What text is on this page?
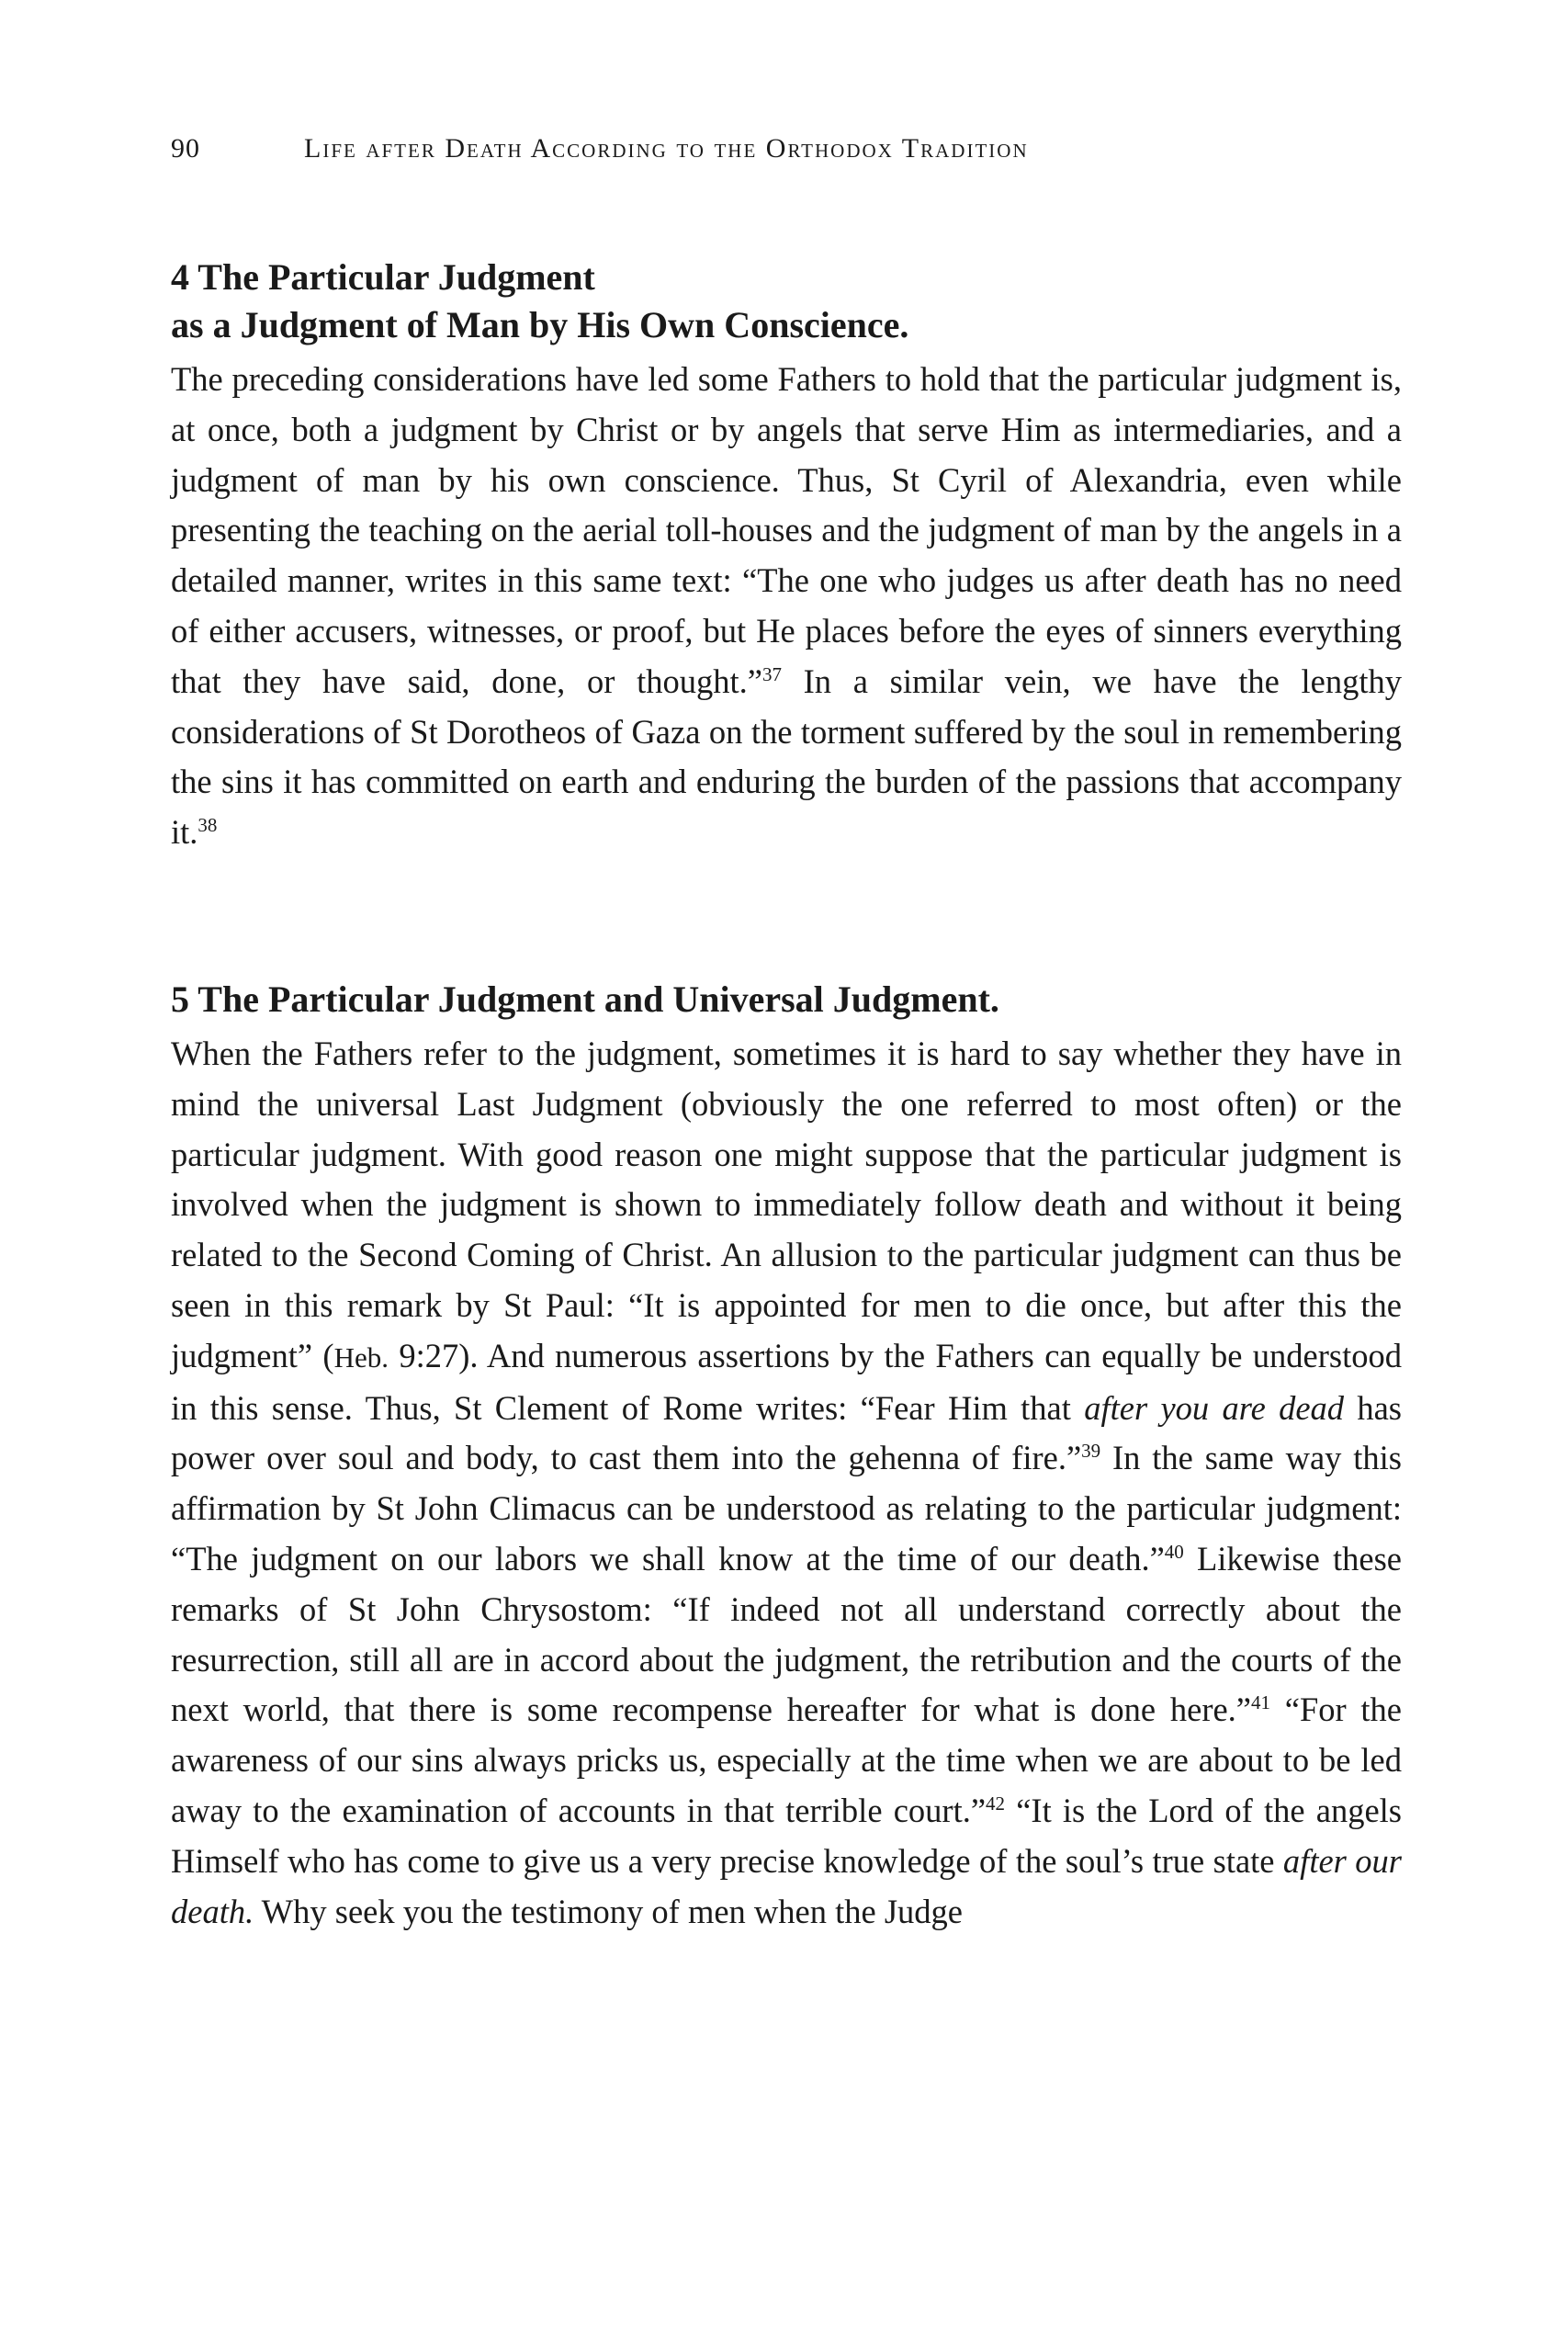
90	Life after Death According to the Orthodox Tradition
4 The Particular Judgment
as a Judgment of Man by His Own Conscience.

The preceding considerations have led some Fathers to hold that the particular judgment is, at once, both a judgment by Christ or by angels that serve Him as intermediaries, and a judgment of man by his own conscience. Thus, St Cyril of Alexandria, even while presenting the teaching on the aerial toll-houses and the judgment of man by the angels in a detailed manner, writes in this same text: “The one who judges us after death has no need of either accusers, witnesses, or proof, but He places before the eyes of sinners everything that they have said, done, or thought.”$^{37}$ In a similar vein, we have the lengthy considerations of St Dorotheos of Gaza on the torment suffered by the soul in remembering the sins it has committed on earth and enduring the burden of the passions that accompany it.$^{38}$

5 The Particular Judgment and Universal Judgment.

When the Fathers refer to the judgment, sometimes it is hard to say whether they have in mind the universal Last Judgment (obviously the one referred to most often) or the particular judgment. With good reason one might suppose that the particular judgment is involved when the judgment is shown to immediately follow death and without it being related to the Second Coming of Christ. An allusion to the particular judgment can thus be seen in this remark by St Paul: “It is appointed for men to die once, but after this the judgment” (Heb. 9:27). And numerous assertions by the Fathers can equally be understood in this sense. Thus, St Clement of Rome writes: “Fear Him that after you are dead has power over soul and body, to cast them into the gehenna of fire.”$^{39}$ In the same way this affirmation by St John Climacus can be understood as relating to the particular judgment: “The judgment on our labors we shall know at the time of our death.”$^{40}$ Likewise these remarks of St John Chrysostom: “If indeed not all understand correctly about the resurrection, still all are in accord about the judgment, the retribution and the courts of the next world, that there is some recompense hereafter for what is done here.”$^{41}$ “For the awareness of our sins always pricks us, especially at the time when we are about to be led away to the examination of accounts in that terrible court.”$^{42}$ “It is the Lord of the angels Himself who has come to give us a very precise knowledge of the soul’s true state after our death. Why seek you the testimony of men when the Judge
